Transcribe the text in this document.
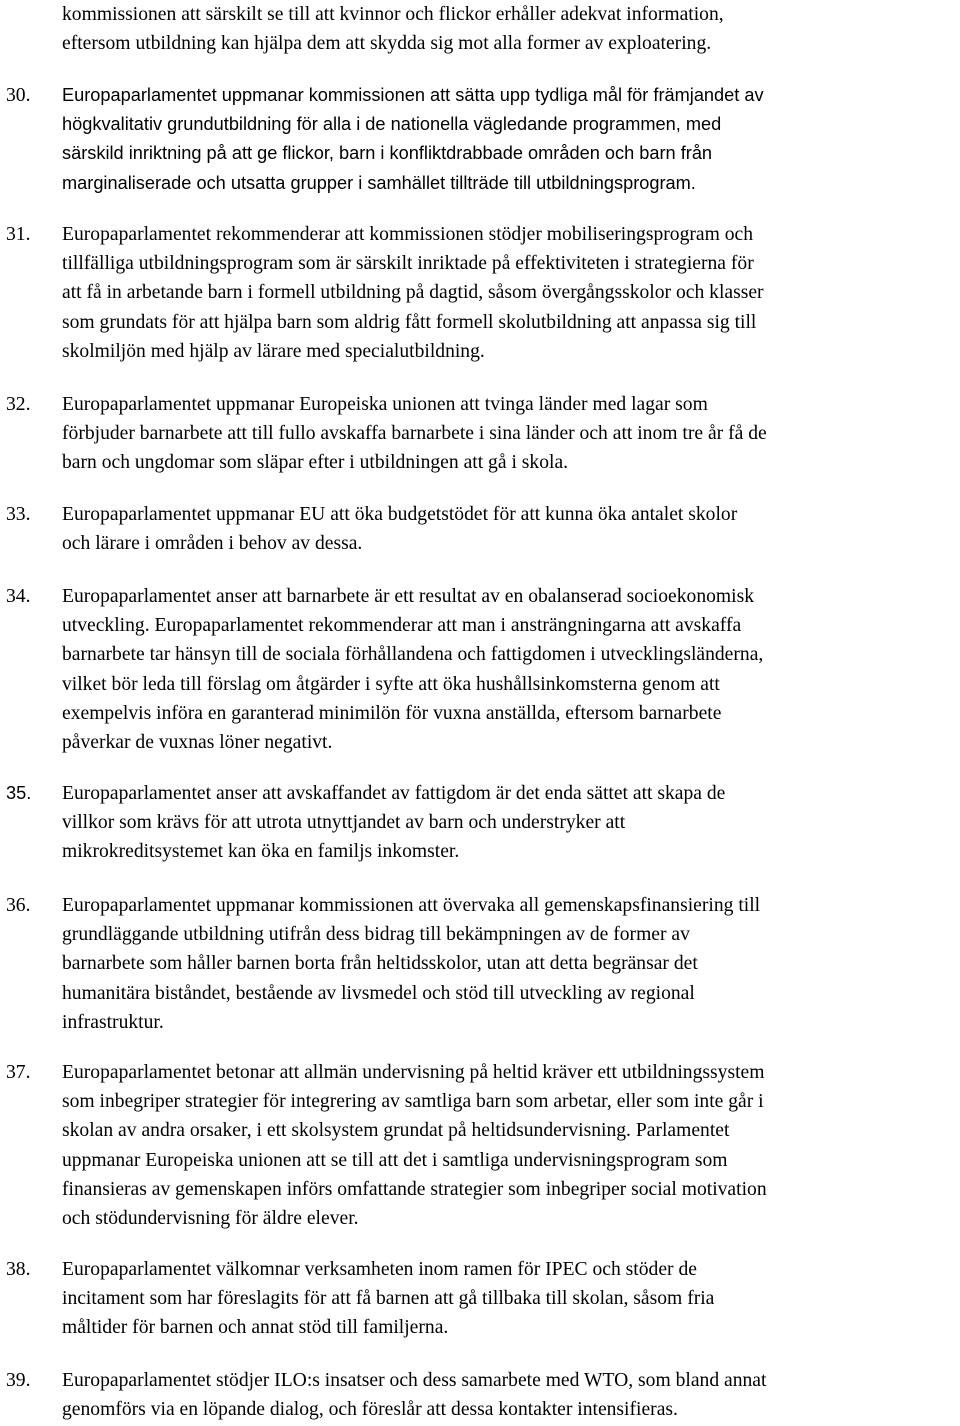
kommissionen att särskilt se till att kvinnor och flickor erhåller adekvat information,
eftersom utbildning kan hjälpa dem att skydda sig mot alla former av exploatering.
30. Europaparlamentet uppmanar kommissionen att sätta upp tydliga mål för främjandet av
högkvalitativ grundutbildning för alla i de nationella vägledande programmen, med
särskild inriktning på att ge flickor, barn i konfliktdrabbade områden och barn från
marginaliserade och utsatta grupper i samhället tillträde till utbildningsprogram.
31. Europaparlamentet rekommenderar att kommissionen stödjer mobiliseringsprogram och
tillfälliga utbildningsprogram som är särskilt inriktade på effektiviteten i strategierna för
att få in arbetande barn i formell utbildning på dagtid, såsom övergångsskolor och klasser
som grundats för att hjälpa barn som aldrig fått formell skolutbildning att anpassa sig till
skolmiljön med hjälp av lärare med specialutbildning.
32. Europaparlamentet uppmanar Europeiska unionen att tvinga länder med lagar som
förbjuder barnarbete att till fullo avskaffa barnarbete i sina länder och att inom tre år få de
barn och ungdomar som släpar efter i utbildningen att gå i skola.
33. Europaparlamentet uppmanar EU att öka budgetstödet för att kunna öka antalet skolor
och lärare i områden i behov av dessa.
34. Europaparlamentet anser att barnarbete är ett resultat av en obalanserad socioekonomisk
utveckling. Europaparlamentet rekommenderar att man i ansträngningarna att avskaffa
barnarbete tar hänsyn till de sociala förhållandena och fattigdomen i utvecklingsländerna,
vilket bör leda till förslag om åtgärder i syfte att öka hushållsinkomsterna genom att
exempelvis införa en garanterad minimilön för vuxna anställda, eftersom barnarbete
påverkar de vuxnas löner negativt.
35. Europaparlamentet anser att avskaffandet av fattigdom är det enda sättet att skapa de
villkor som krävs för att utrota utnyttjandet av barn och understryker att
mikrokreditsystemet kan öka en familjs inkomster.
36. Europaparlamentet uppmanar kommissionen att övervaka all gemenskapsfinansiering till
grundläggande utbildning utifrån dess bidrag till bekämpningen av de former av
barnarbete som håller barnen borta från heltidsskolor, utan att detta begränsar det
humanitära biståndet, bestående av livsmedel och stöd till utveckling av regional
infrastruktur.
37. Europaparlamentet betonar att allmän undervisning på heltid kräver ett utbildningssystem
som inbegriper strategier för integrering av samtliga barn som arbetar, eller som inte går i
skolan av andra orsaker, i ett skolsystem grundat på heltidsundervisning. Parlamentet
uppmanar Europeiska unionen att se till att det i samtliga undervisningsprogram som
finansieras av gemenskapen införs omfattande strategier som inbegriper social motivation
och stödundervisning för äldre elever.
38. Europaparlamentet välkomnar verksamheten inom ramen för IPEC och stöder de
incitament som har föreslagits för att få barnen att gå tillbaka till skolan, såsom fria
måltider för barnen och annat stöd till familjerna.
39. Europaparlamentet stödjer ILO:s insatser och dess samarbete med WTO, som bland annat
genomförs via en löpande dialog, och föreslår att dessa kontakter intensifieras.
